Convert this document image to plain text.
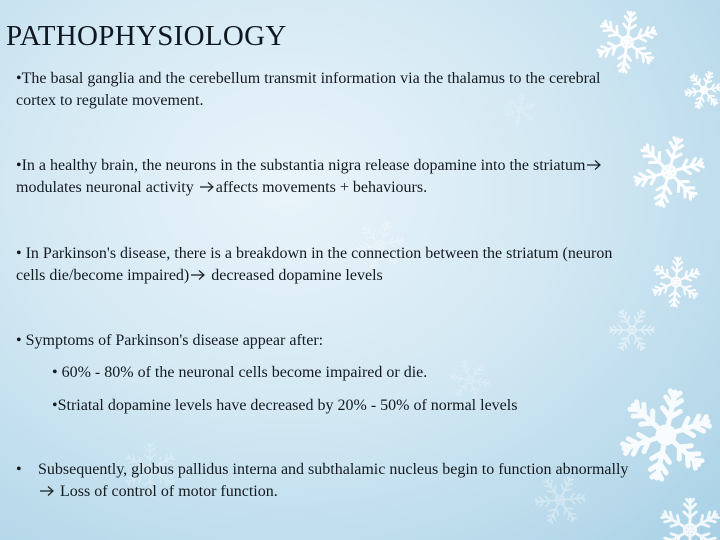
PATHOPHYSIOLOGY

•The basal ganglia and the cerebellum transmit information via the thalamus to the cerebral cortex to regulate movement.

•In a healthy brain, the neurons in the substantia nigra release dopamine into the striatum modulates neuronal activity affects movements + behaviours.

• In Parkinson's disease, there is a breakdown in the connection between the striatum (neuron cells die/become impaired) decreased dopamine levels

• Symptoms of Parkinson's disease appear after:

• 60% - 80% of the neuronal cells become impaired or die.

•Striatal dopamine levels have decreased by 20% - 50% of normal levels

• Subsequently, globus pallidus interna and subthalamic nucleus begin to function abnormally Loss of control of motor function.
